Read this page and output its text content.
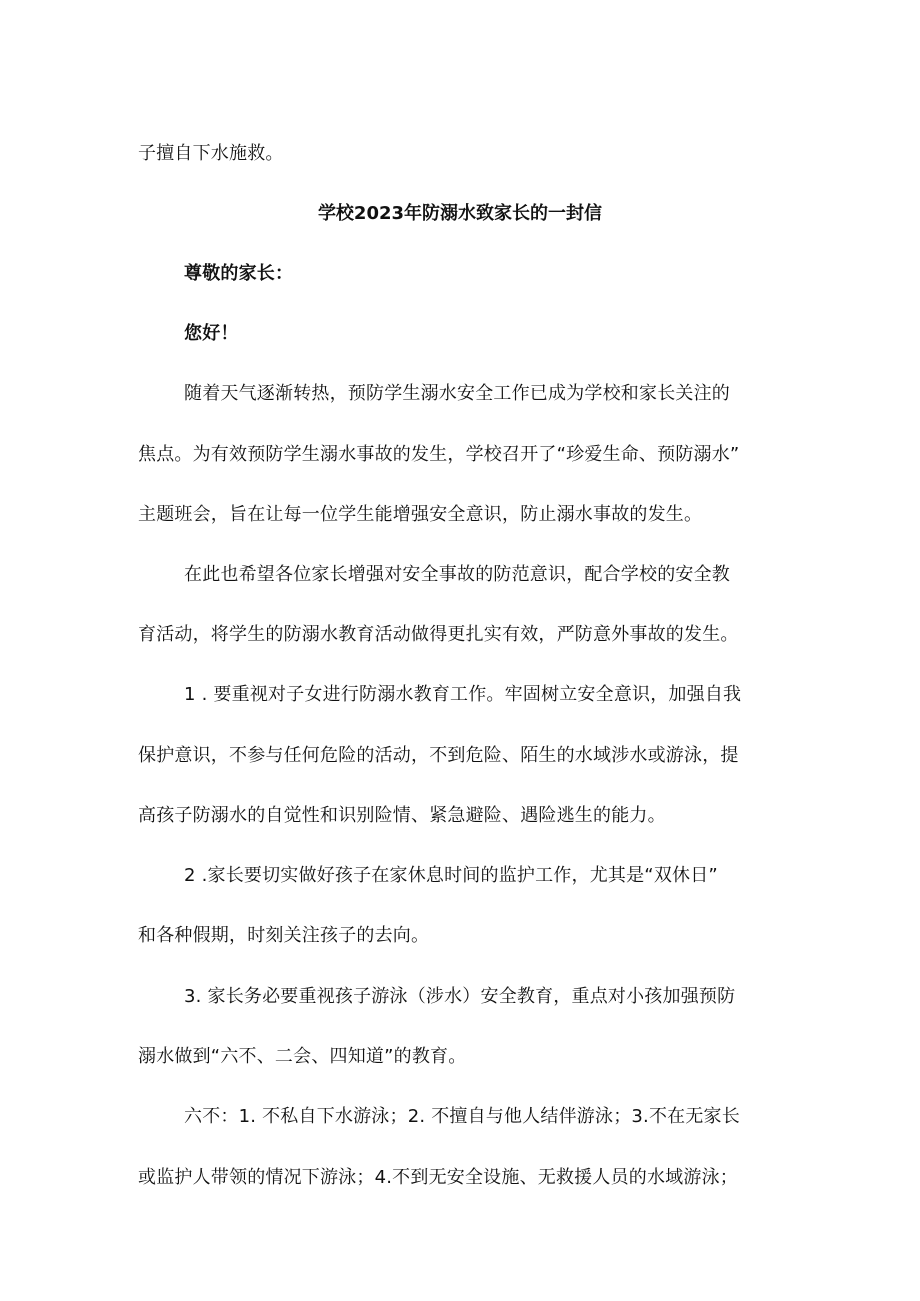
子擅自下水施救。
学校2023年防溺水致家长的一封信
尊敬的家长：
您好！
随着天气逐渐转热，预防学生溺水安全工作已成为学校和家长关注的
焦点。为有效预防学生溺水事故的发生，学校召开了“珍爱生命、预防溺水”
主题班会，旨在让每一位学生能增强安全意识，防止溺水事故的发生。
在此也希望各位家长增强对安全事故的防范意识，配合学校的安全教
育活动，将学生的防溺水教育活动做得更扎实有效，严防意外事故的发生。
1 . 要重视对子女进行防溺水教育工作。牢固树立安全意识，加强自我
保护意识，不参与任何危险的活动，不到危险、陌生的水域涉水或游泳，提
高孩子防溺水的自觉性和识别险情、紧急避险、遇险逃生的能力。
2 .家长要切实做好孩子在家休息时间的监护工作，尤其是“双休日”
和各种假期，时刻关注孩子的去向。
3. 家长务必要重视孩子游泳（涉水）安全教育，重点对小孩加强预防
溺水做到“六不、二会、四知道”的教育。
六不：1. 不私自下水游泳；2. 不擅自与他人结伴游泳；3.不在无家长
或监护人带领的情况下游泳；4.不到无安全设施、无救援人员的水域游泳；
